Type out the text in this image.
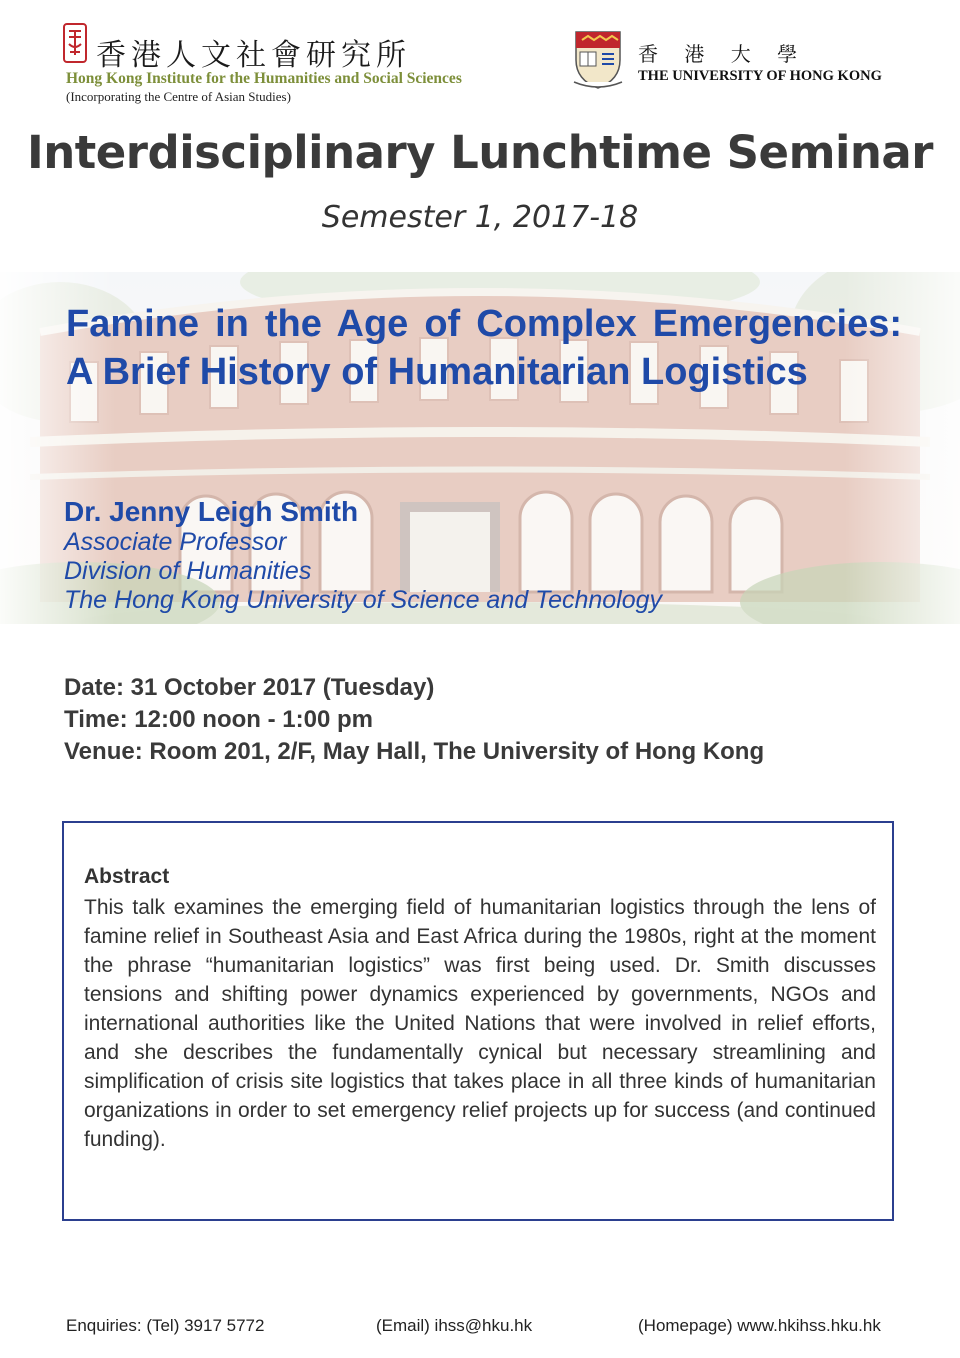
香港人文社會研究所
Hong Kong Institute for the Humanities and Social Sciences
(Incorporating the Centre of Asian Studies)
香 港 大 學
THE UNIVERSITY OF HONG KONG
Interdisciplinary Lunchtime Seminar
Semester 1, 2017-18
Famine in the Age of Complex Emergencies: A Brief History of Humanitarian Logistics
Dr. Jenny Leigh Smith
Associate Professor
Division of Humanities
The Hong Kong University of Science and Technology
Date: 31 October 2017 (Tuesday)
Time: 12:00 noon - 1:00 pm
Venue: Room 201, 2/F, May Hall, The University of Hong Kong
Abstract

This talk examines the emerging field of humanitarian logistics through the lens of famine relief in Southeast Asia and East Africa during the 1980s, right at the moment the phrase “humanitarian logistics” was first being used. Dr. Smith discusses tensions and shifting power dynamics experienced by governments, NGOs and international authorities like the United Nations that were involved in relief efforts, and she describes the fundamentally cynical but necessary streamlining and simplification of crisis site logistics that takes place in all three kinds of humanitarian organizations in order to set emergency relief projects up for success (and continued funding).

Enquiries: (Tel) 3917 5772	(Email) ihss@hku.hk	(Homepage) www.hkihss.hku.hk
